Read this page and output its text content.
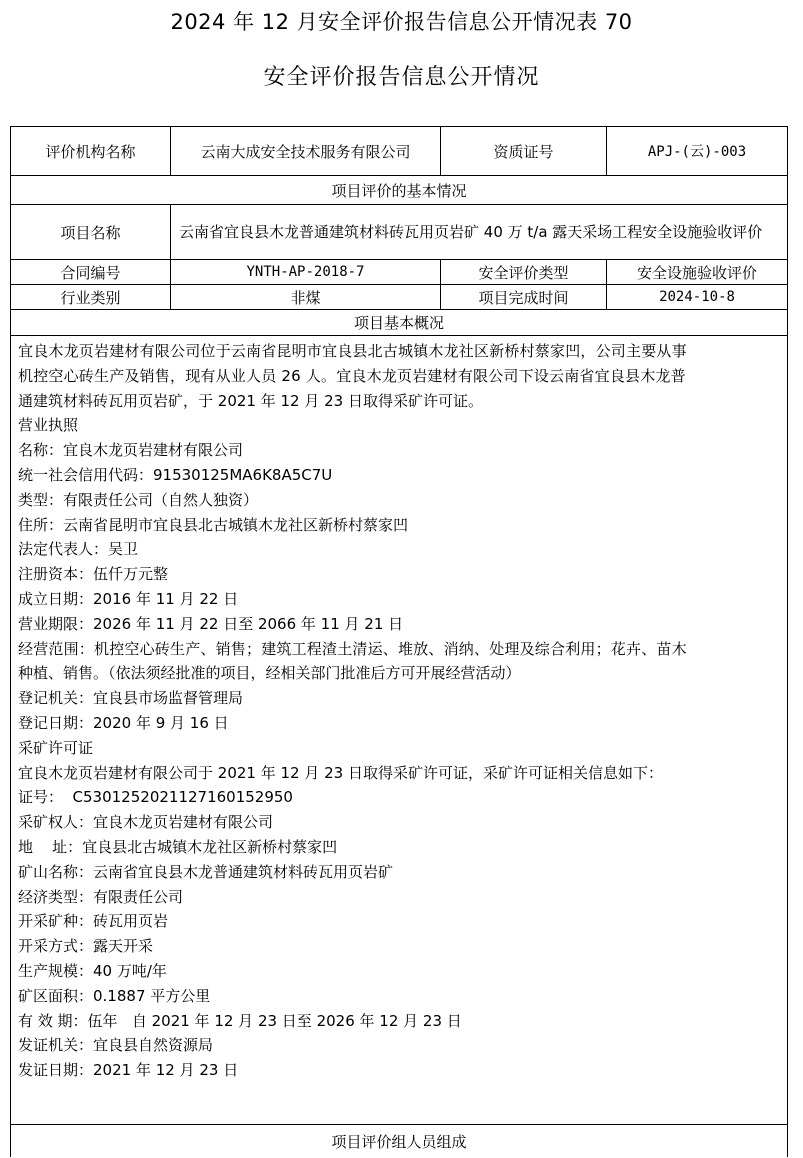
2024 年 12 月安全评价报告信息公开情况表 70
安全评价报告信息公开情况
评价机构名称	云南大成安全技术服务有限公司	资质证号	APJ-(云)-003
项目评价的基本情况
项目名称	云南省宜良县木龙普通建筑材料砖瓦用页岩矿 40 万 t/a 露天采场工程安全设施验收评价
合同编号	YNTH-AP-2018-7	安全评价类型	安全设施验收评价
行业类别	非煤	项目完成时间	2024-10-8
项目基本概况
宜良木龙页岩建材有限公司位于云南省昆明市宜良县北古城镇木龙社区新桥村蔡家凹，公司主要从事
机控空心砖生产及销售，现有从业人员 26 人。宜良木龙页岩建材有限公司下设云南省宜良县木龙普
通建筑材料砖瓦用页岩矿，于 2021 年 12 月 23 日取得采矿许可证。
营业执照
名称：宜良木龙页岩建材有限公司
统一社会信用代码：91530125MA6K8A5C7U
类型：有限责任公司（自然人独资）
住所：云南省昆明市宜良县北古城镇木龙社区新桥村蔡家凹
法定代表人：吴卫
注册资本：伍仟万元整
成立日期：2016 年 11 月 22 日
营业期限：2026 年 11 月 22 日至 2066 年 11 月 21 日
经营范围：机控空心砖生产、销售；建筑工程渣土清运、堆放、消纳、处理及综合利用；花卉、苗木
种植、销售。（依法须经批准的项目，经相关部门批准后方可开展经营活动）
登记机关：宜良县市场监督管理局
登记日期：2020 年 9 月 16 日
采矿许可证
宜良木龙页岩建材有限公司于 2021 年 12 月 23 日取得采矿许可证，采矿许可证相关信息如下：
证号：  C5301252021127160152950
采矿权人：宜良木龙页岩建材有限公司
地    址：宜良县北古城镇木龙社区新桥村蔡家凹
矿山名称：云南省宜良县木龙普通建筑材料砖瓦用页岩矿
经济类型：有限责任公司
开采矿种：砖瓦用页岩
开采方式：露天开采
生产规模：40 万吨/年
矿区面积：0.1887 平方公里
有 效 期：伍年   自 2021 年 12 月 23 日至 2026 年 12 月 23 日
发证机关：宜良县自然资源局
发证日期：2021 年 12 月 23 日
项目评价组人员组成
